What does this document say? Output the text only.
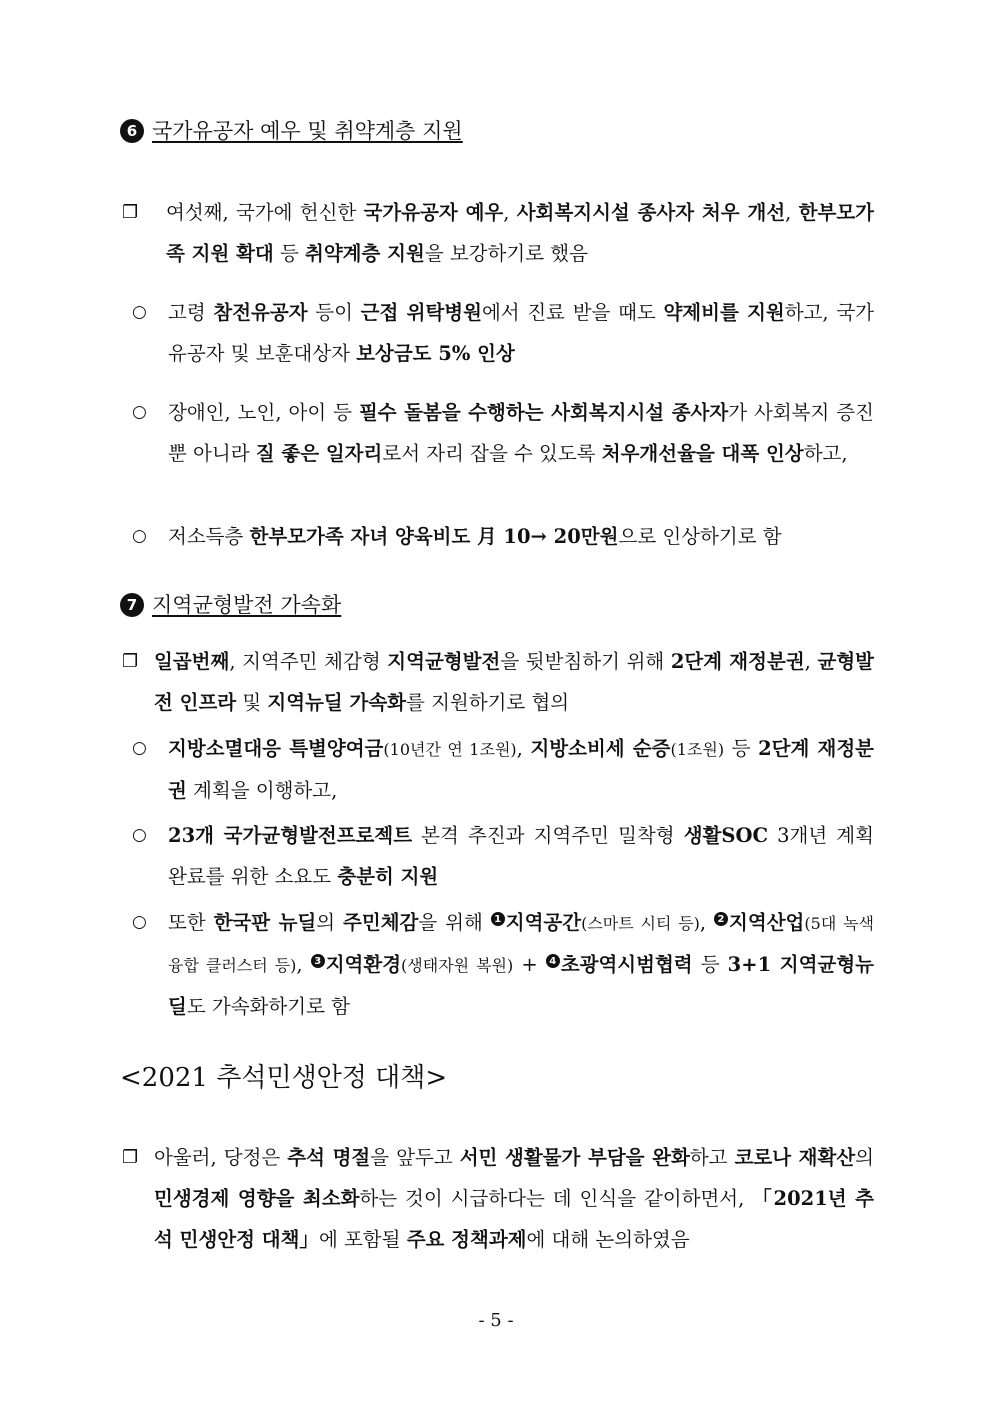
6 국가유공자 예우 및 취약계층 지원
❐ 여섯째, 국가에 헌신한 국가유공자 예우, 사회복지시설 종사자 처우 개선, 한부모가족 지원 확대 등 취약계층 지원을 보강하기로 했음
○ 고령 참전유공자 등이 근접 위탁병원에서 진료 받을 때도 약제비를 지원하고, 국가유공자 및 보훈대상자 보상금도 5% 인상
○ 장애인, 노인, 아이 등 필수 돌봄을 수행하는 사회복지시설 종사자가 사회복지 증진뿐 아니라 질 좋은 일자리로서 자리 잡을 수 있도록 처우개선율을 대폭 인상하고,
○ 저소득층 한부모가족 자녀 양육비도 月 10→ 20만원으로 인상하기로 함
7 지역균형발전 가속화
❐ 일곱번째, 지역주민 체감형 지역균형발전을 뒷받침하기 위해 2단계 재정분권, 균형발전 인프라 및 지역뉴딜 가속화를 지원하기로 협의
○ 지방소멸대응 특별양여금(10년간 연 1조원), 지방소비세 순증(1조원) 등 2단계 재정분권 계획을 이행하고,
○ 23개 국가균형발전프로젝트 본격 추진과 지역주민 밀착형 생활SOC 3개년 계획 완료를 위한 소요도 충분히 지원
○ 또한 한국판 뉴딜의 주민체감을 위해 1 지역공간(스마트 시티 등), 2 지역산업(5대 녹색융합 클러스터 등), 3 지역환경(생태자원 복원) + 4 초광역시범협력 등 3+1 지역균형뉴딜도 가속화하기로 함
<2021 추석민생안정 대책>
❐ 아울러, 당정은 추석 명절을 앞두고 서민 생활물가 부담을 완화하고 코로나 재확산의 민생경제 영향을 최소화하는 것이 시급하다는 데 인식을 같이하면서, 「2021년 추석 민생안정 대책」에 포함될 주요 정책과제에 대해 논의하였음
- 5 -
